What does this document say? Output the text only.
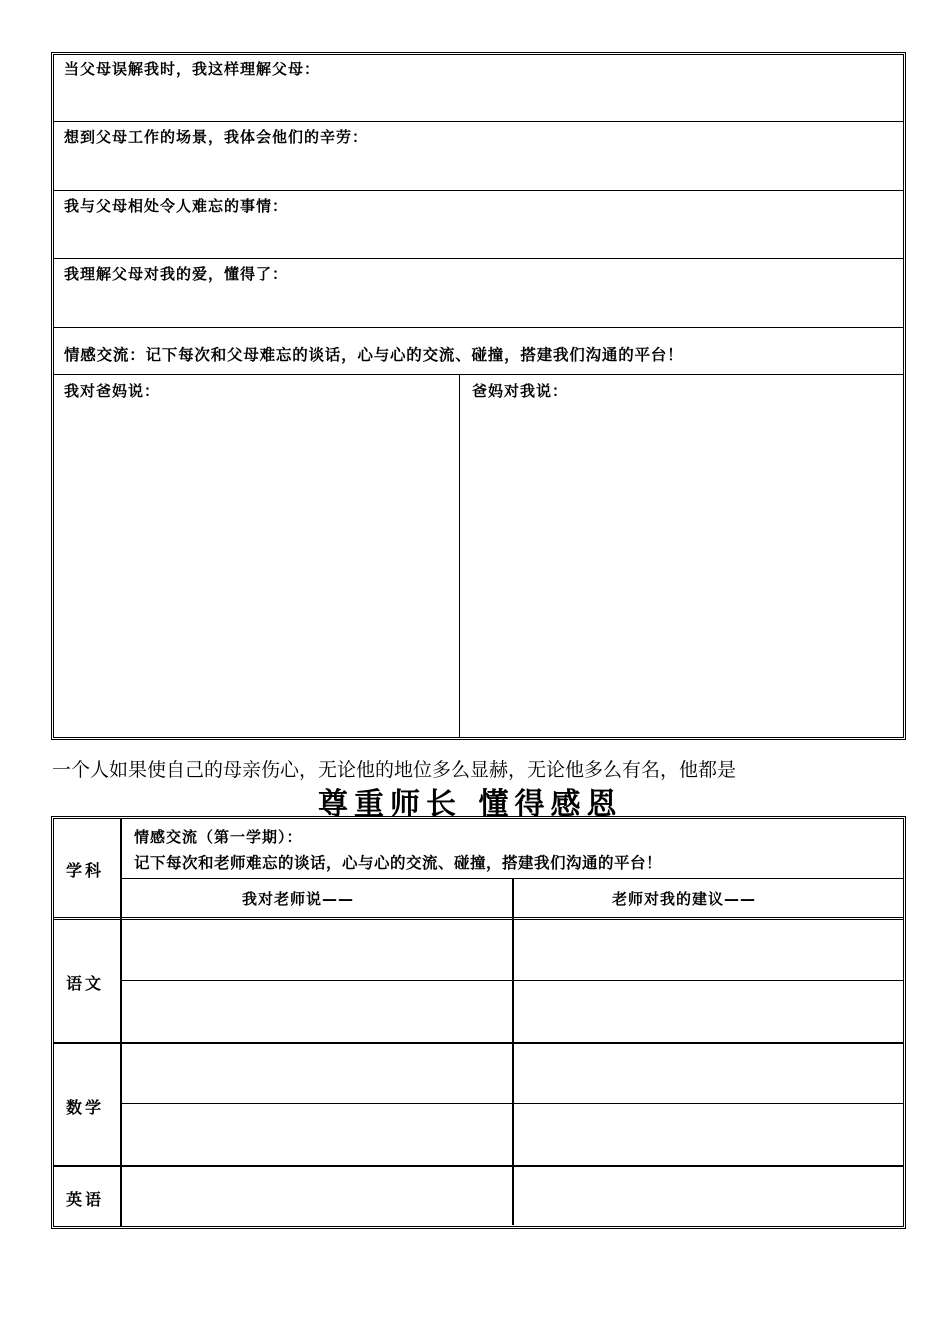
当父母误解我时，我这样理解父母：
想到父母工作的场景，我体会他们的辛劳：
我与父母相处令人难忘的事情：
我理解父母对我的爱，懂得了：
情感交流：记下每次和父母难忘的谈话，心与心的交流、碰撞，搭建我们沟通的平台！
我对爸妈说：	爸妈对我说：
一个人如果使自己的母亲伤心，无论他的地位多么显赫，无论他多么有名，他都是
尊重师长 懂得感恩
学科
情感交流（第一学期）：
记下每次和老师难忘的谈话，心与心的交流、碰撞，搭建我们沟通的平台！
我对老师说——	老师对我的建议——
语文
数学
英语
